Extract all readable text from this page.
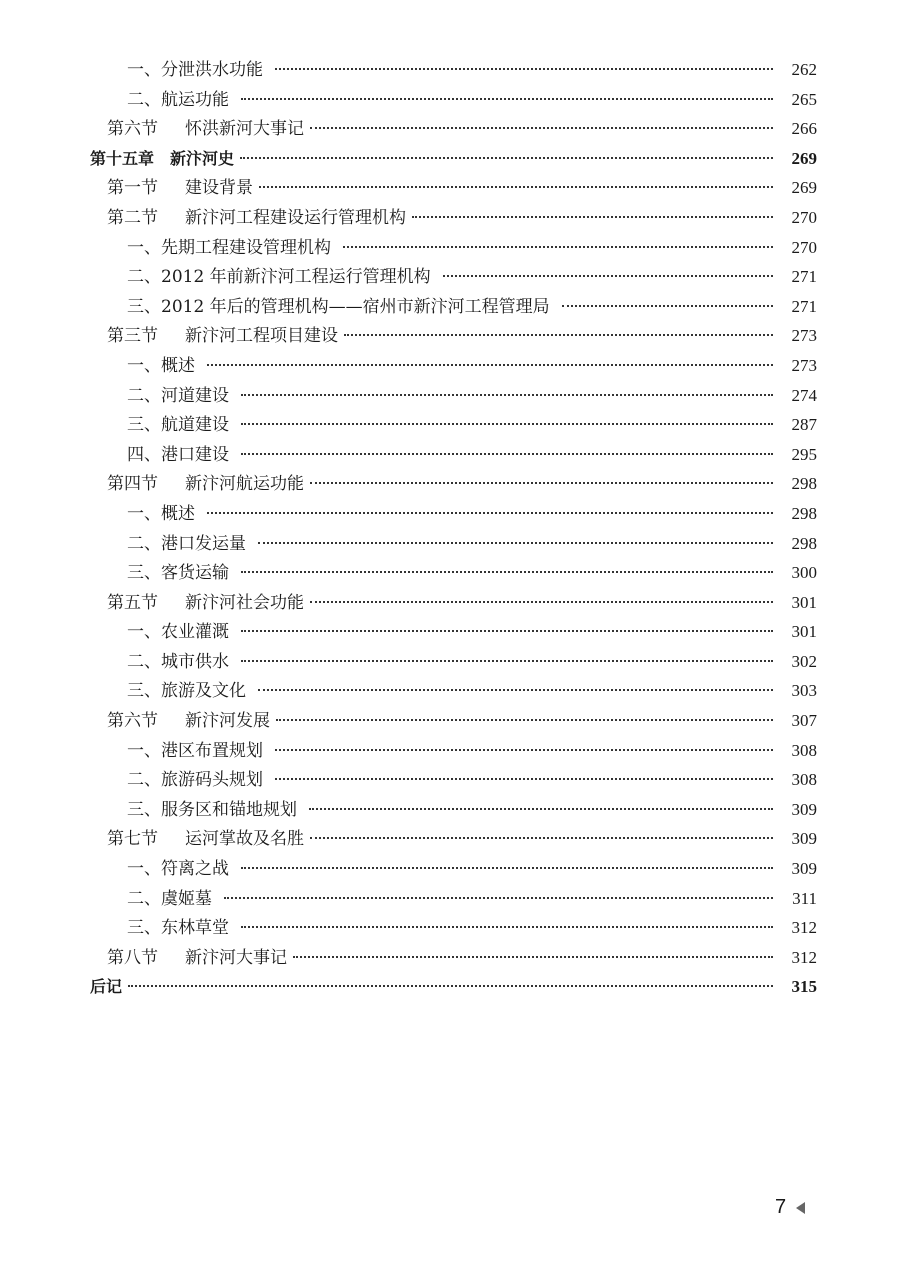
一、分泄洪水功能	262
二、航运功能	265
第六节 怀洪新河大事记	266
第十五章　新汴河史	269
第一节 建设背景	269
第二节 新汴河工程建设运行管理机构	270
一、先期工程建设管理机构	270
二、2012 年前新汴河工程运行管理机构	271
三、2012 年后的管理机构——宿州市新汴河工程管理局	271
第三节 新汴河工程项目建设	273
一、概述	273
二、河道建设	274
三、航道建设	287
四、港口建设	295
第四节 新汴河航运功能	298
一、概述	298
二、港口发运量	298
三、客货运输	300
第五节 新汴河社会功能	301
一、农业灌溉	301
二、城市供水	302
三、旅游及文化	303
第六节 新汴河发展	307
一、港区布置规划	308
二、旅游码头规划	308
三、服务区和锚地规划	309
第七节 运河掌故及名胜	309
一、符离之战	309
二、虞姬墓	311
三、东林草堂	312
第八节 新汴河大事记	312
后记	315
7
